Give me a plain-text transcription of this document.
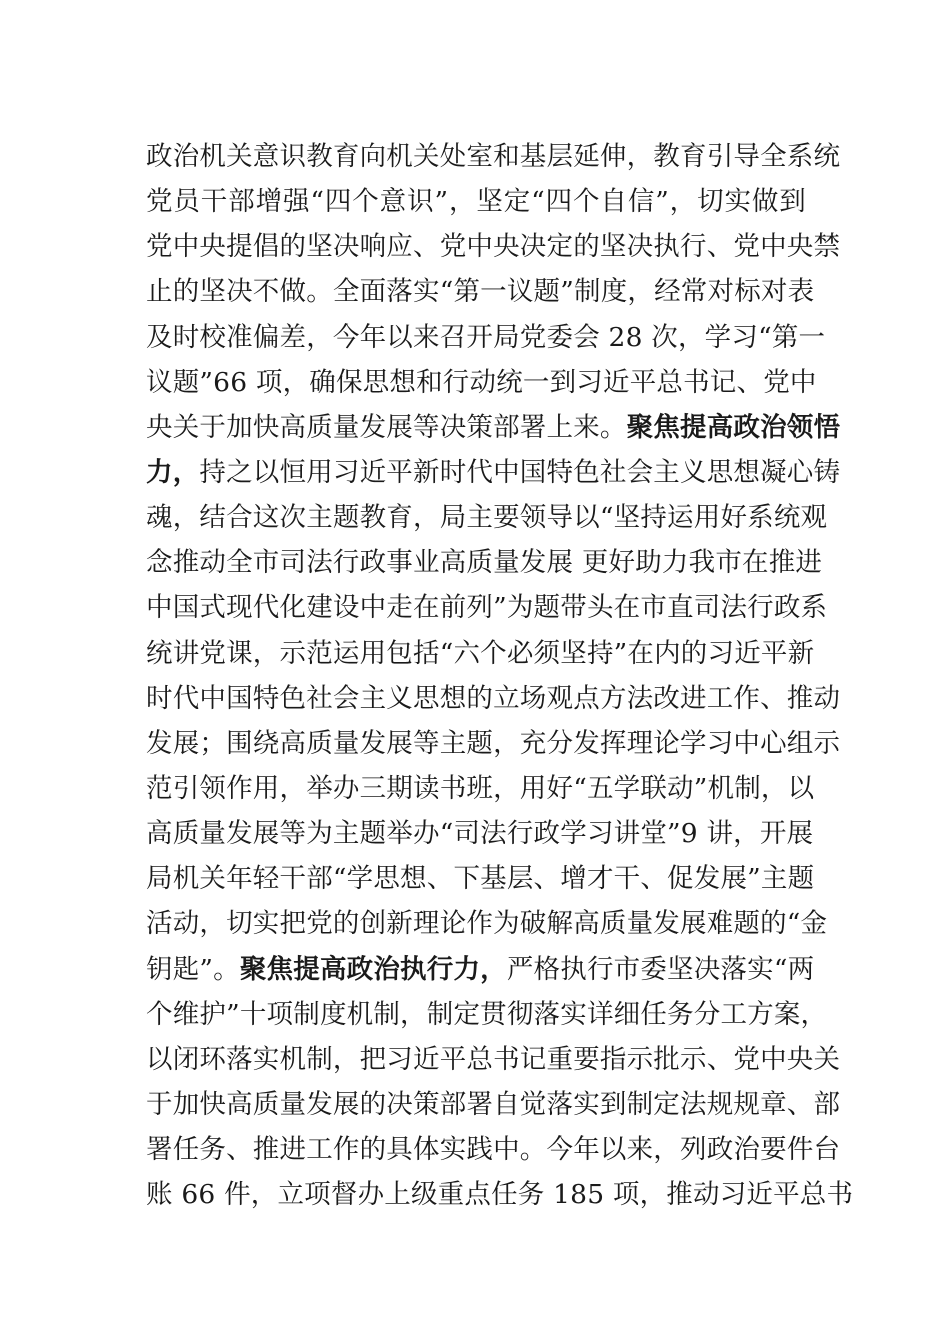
政治机关意识教育向机关处室和基层延伸，教育引导全系统
党员干部增强“四个意识”，坚定“四个自信”，切实做到
党中央提倡的坚决响应、党中央决定的坚决执行、党中央禁
止的坚决不做。全面落实“第一议题”制度，经常对标对表
及时校准偏差，今年以来召开局党委会 28 次，学习“第一
议题”66 项，确保思想和行动统一到习近平总书记、党中
央关于加快高质量发展等决策部署上来。聚焦提高政治领悟
力，持之以恒用习近平新时代中国特色社会主义思想凝心铸
魂，结合这次主题教育，局主要领导以“坚持运用好系统观
念推动全市司法行政事业高质量发展 更好助力我市在推进
中国式现代化建设中走在前列”为题带头在市直司法行政系
统讲党课，示范运用包括“六个必须坚持”在内的习近平新
时代中国特色社会主义思想的立场观点方法改进工作、推动
发展；围绕高质量发展等主题，充分发挥理论学习中心组示
范引领作用，举办三期读书班，用好“五学联动”机制，以
高质量发展等为主题举办“司法行政学习讲堂”9 讲，开展
局机关年轻干部“学思想、下基层、增才干、促发展”主题
活动，切实把党的创新理论作为破解高质量发展难题的“金
钥匙”。聚焦提高政治执行力，严格执行市委坚决落实“两
个维护”十项制度机制，制定贯彻落实详细任务分工方案，
以闭环落实机制，把习近平总书记重要指示批示、党中央关
于加快高质量发展的决策部署自觉落实到制定法规规章、部
署任务、推进工作的具体实践中。今年以来，列政治要件台
账 66 件，立项督办上级重点任务 185 项，推动习近平总书
